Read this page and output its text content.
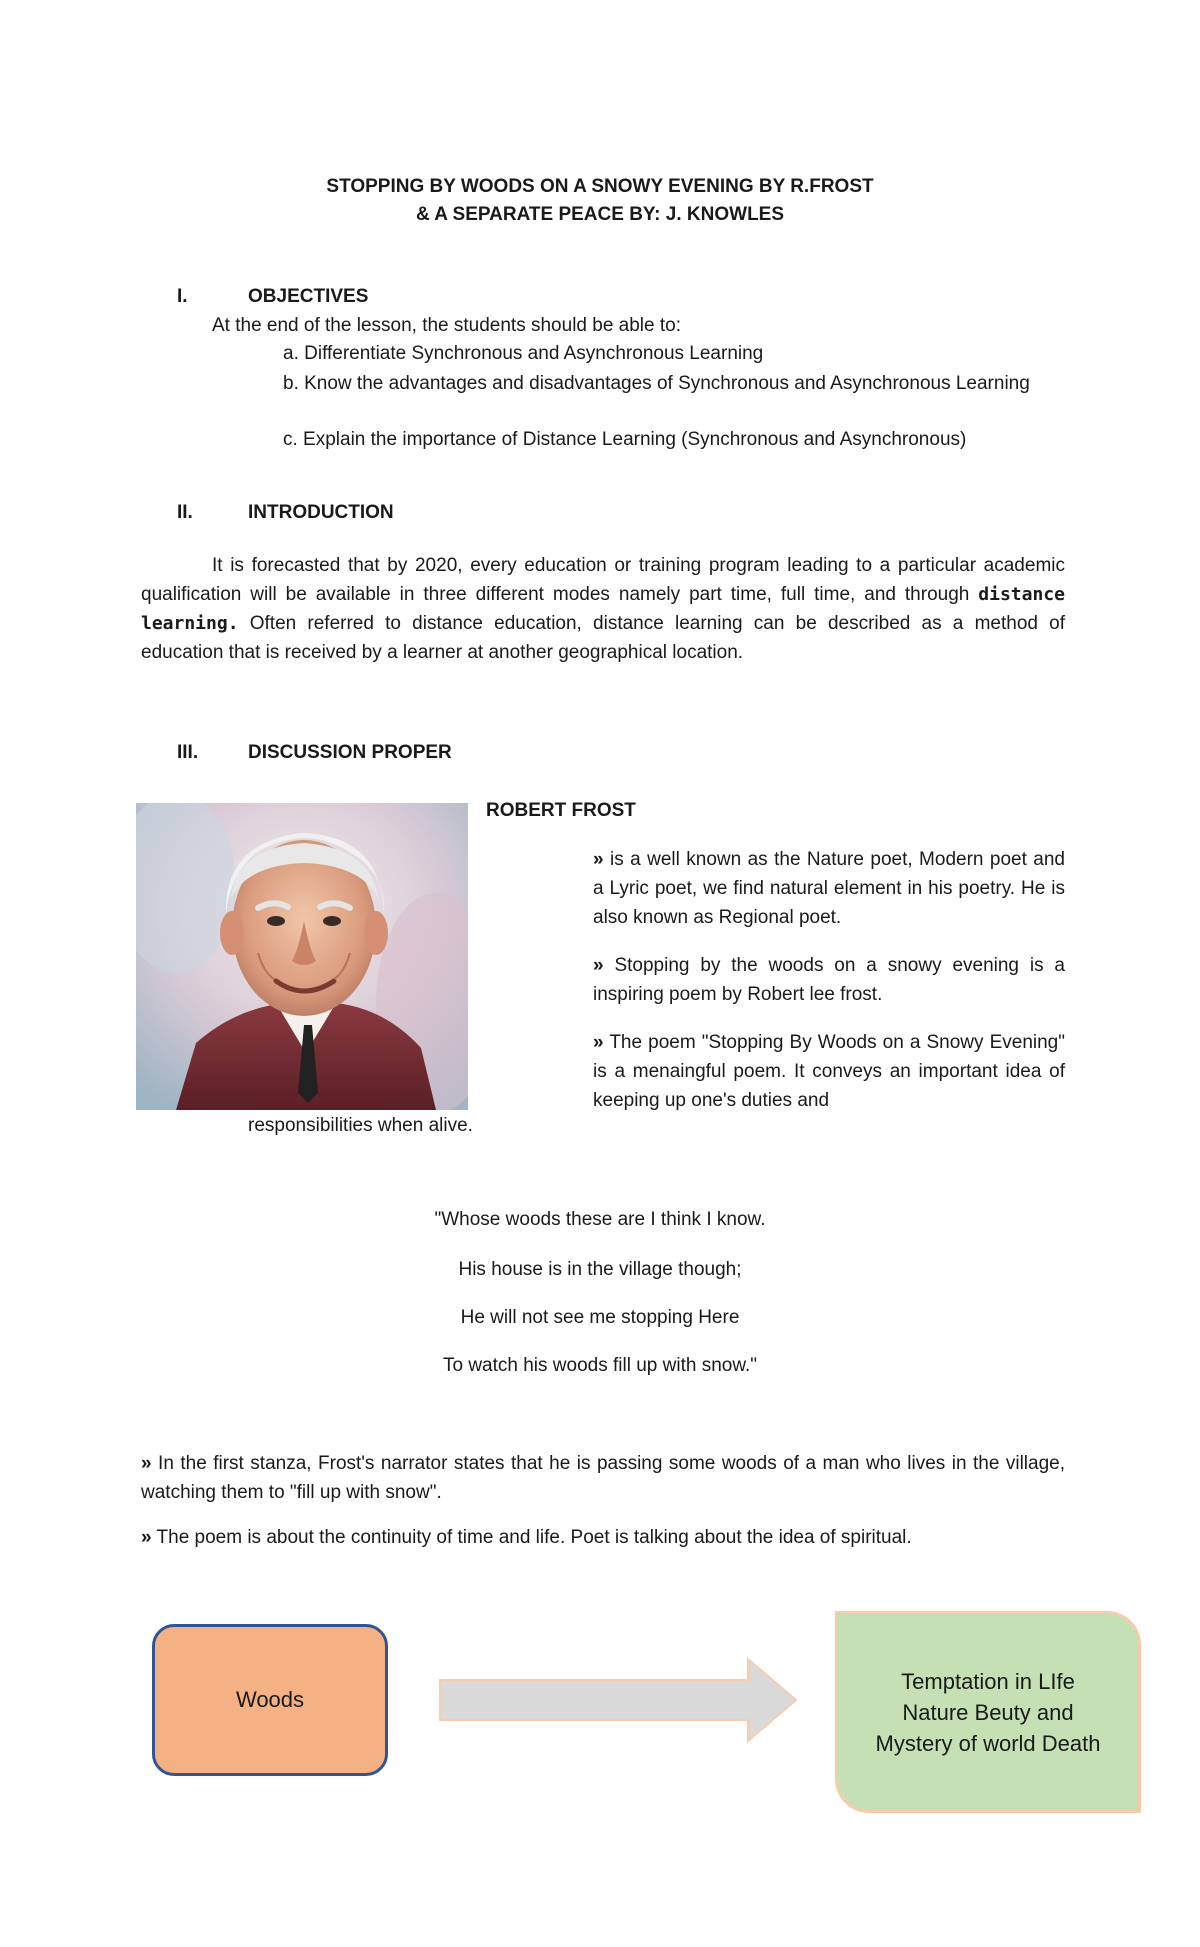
STOPPING BY WOODS ON A SNOWY EVENING BY R.FROST
& A SEPARATE PEACE BY: J. KNOWLES
I.	OBJECTIVES
At the end of the lesson, the students should be able to:
a. Differentiate Synchronous and Asynchronous Learning
b. Know the advantages and disadvantages of Synchronous and Asynchronous Learning
c. Explain the importance of Distance Learning (Synchronous and Asynchronous)
II.	INTRODUCTION
It is forecasted that by 2020, every education or training program leading to a particular academic qualification will be available in three different modes namely part time, full time, and through distance learning. Often referred to distance education, distance learning can be described as a method of education that is received by a learner at another geographical location.
III.	DISCUSSION PROPER
ROBERT FROST
» is a well known as the Nature poet, Modern poet and a Lyric poet, we find natural element in his poetry. He is also known as Regional poet.
» Stopping by the woods on a snowy evening is a inspiring poem by Robert lee frost.
» The poem "Stopping By Woods on a Snowy Evening" is a menaingful poem. It conveys an important idea of keeping up one's duties and
responsibilities when alive.
"Whose woods these are I think I know.
His house is in the village though;
He will not see me stopping Here
To watch his woods fill up with snow."
» In the first stanza, Frost's narrator states that he is passing some woods of a man who lives in the village, watching them to "fill up with snow".
» The poem is about the continuity of time and life. Poet is talking about the idea of spiritual.
Woods
Temptation in LIfe
Nature Beuty and
Mystery of world Death
